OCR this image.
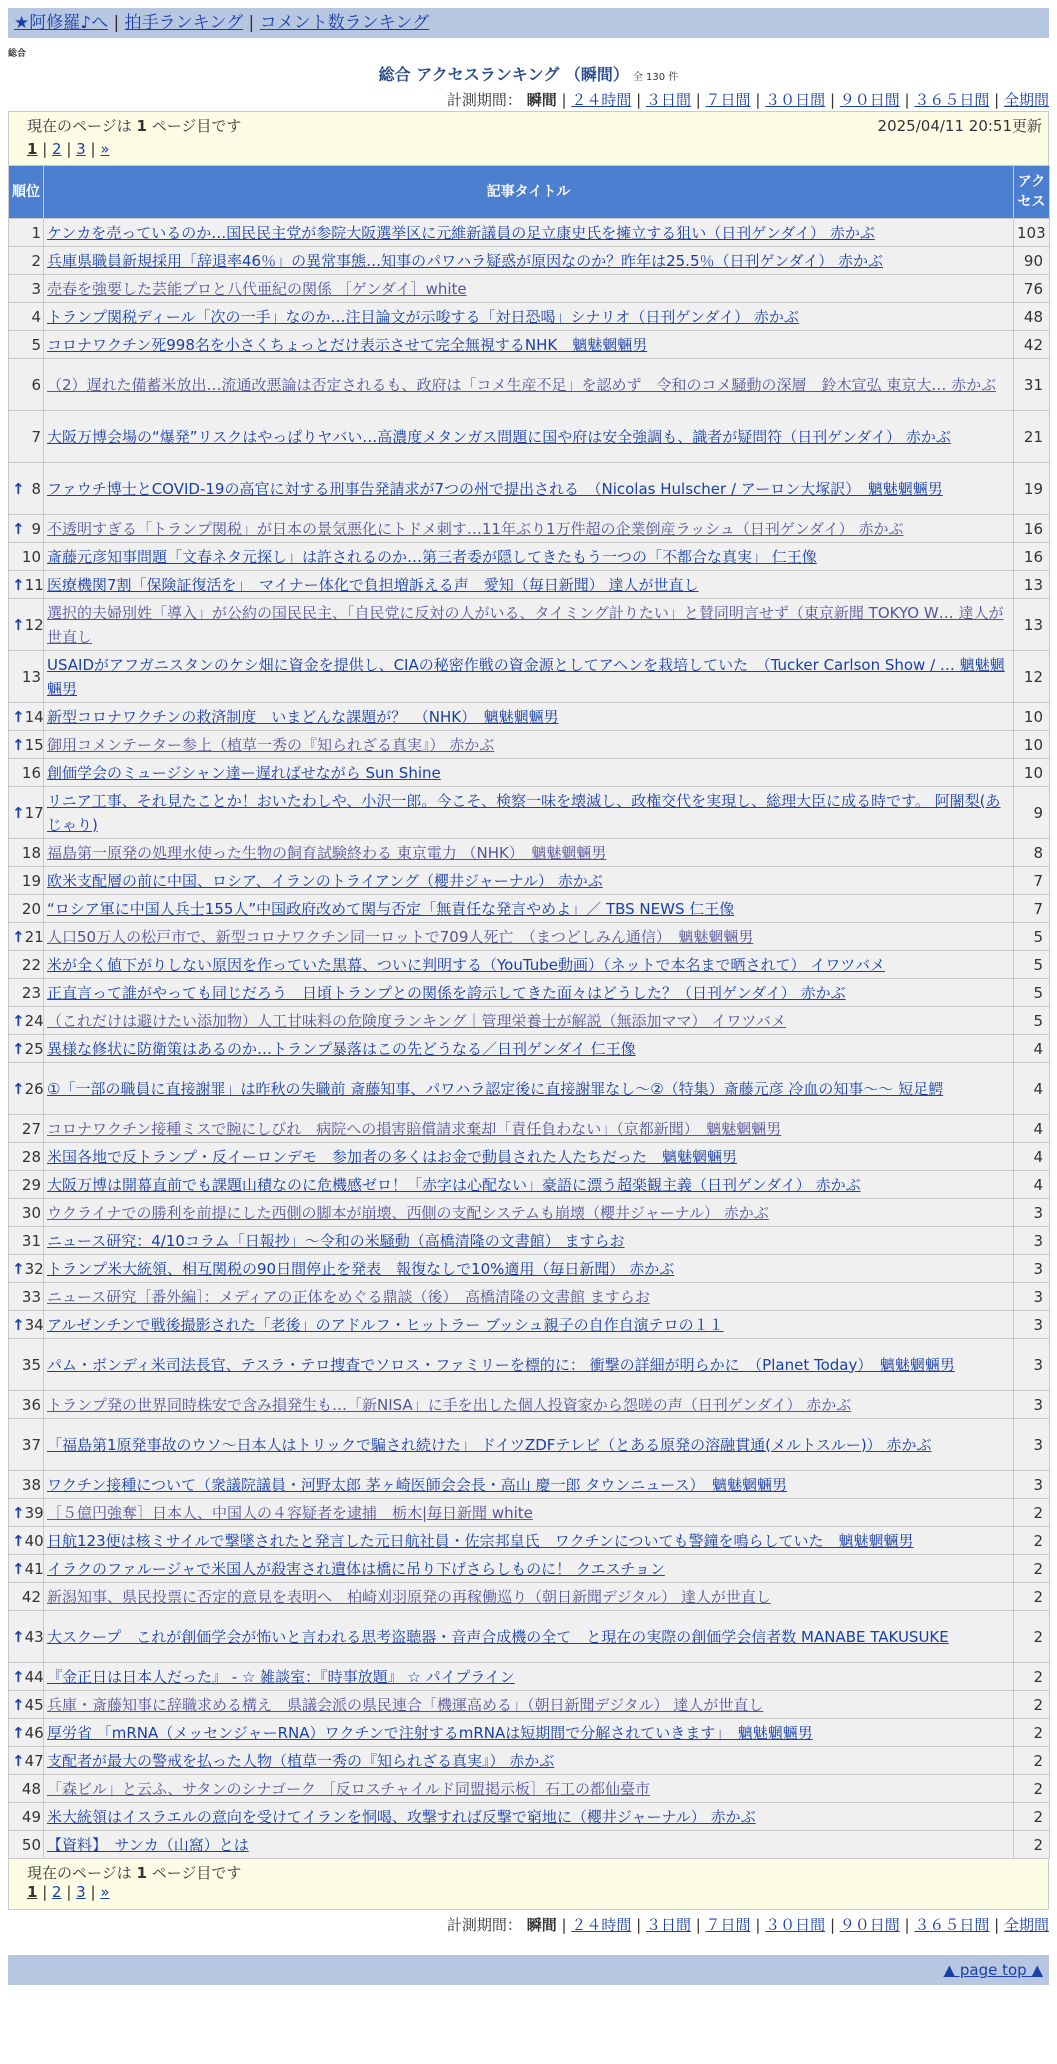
★阿修羅♪へ | 拍手ランキング | コメント数ランキング
総合
総合 アクセスランキング （瞬間） 全 130 件
計測期間： 瞬間 | ２４時間 | ３日間 | ７日間 | ３０日間 | ９０日間 | ３６５日間 | 全期間
現在のページは 1 ページ目です	2025/04/11 20:51更新
1 | 2 | 3 | »
順位	記事タイトル	アクセス
1	ケンカを売っているのか…国民民主党が参院大阪選挙区に元維新議員の足立康史氏を擁立する狙い（日刊ゲンダイ） 赤かぶ	103
2	兵庫県職員新規採用「辞退率46％」の異常事態…知事のパワハラ疑惑が原因なのか？昨年は25.5％（日刊ゲンダイ） 赤かぶ	90
3	売春を強要した芸能プロと八代亜紀の関係 ［ゲンダイ］white	76
4	トランプ関税ディール「次の一手」なのか…注目論文が示唆する「対日恐喝」シナリオ（日刊ゲンダイ） 赤かぶ	48
5	コロナワクチン死998名を小さくちょっとだけ表示させて完全無視するNHK　魑魅魍魎男	42
6	（2）遅れた備蓄米放出…流通改悪論は否定されるも、政府は「コメ生産不足」を認めず　令和のコメ騒動の深層　鈴木宣弘 東京大… 赤かぶ	31
7	大阪万博会場の“爆発”リスクはやっぱりヤバい…高濃度メタンガス問題に国や府は安全強調も、識者が疑問符（日刊ゲンダイ） 赤かぶ	21

↑ 8	ファウチ博士とCOVID-19の高官に対する刑事告発請求が7つの州で提出される　（Nicolas Hulscher / アーロン大塚訳）　魑魅魍魎男	19

↑ 9	不透明すぎる「トランプ関税」が日本の景気悪化にトドメ刺す…11年ぶり1万件超の企業倒産ラッシュ（日刊ゲンダイ） 赤かぶ	16
10	斎藤元彦知事問題「文春ネタ元探し」は許されるのか…第三者委が隠してきたもう一つの「不都合な真実」 仁王像	16

↑ 11	医療機関7割「保険証復活を」　マイナー体化で負担増訴える声　愛知（毎日新聞） 達人が世直し	13

↑ 12	選択的夫婦別姓「導入」が公約の国民民主、「自民党に反対の人がいる、タイミング計りたい」と賛同明言せず（東京新聞 TOKYO W… 達人が世直し	13
13	USAIDがアフガニスタンのケシ畑に資金を提供し、CIAの秘密作戦の資金源としてアヘンを栽培していた　（Tucker Carlson Show / … 魑魅魍魎男	12

↑ 14	新型コロナワクチンの救済制度　いまどんな課題が？　（NHK）　魑魅魍魎男	10

↑ 15	御用コメンテーター参上（植草一秀の『知られざる真実』） 赤かぶ	10
16	創価学会のミュージシャン達ー遅ればせながら Sun Shine	10

↑ 17	リニア工事、それ見たことか！おいたわしや、小沢一郎。今こそ、検察一味を壊滅し、政権交代を実現し、総理大臣に成る時です。 阿闍梨(あじゃり)	9
18	福島第一原発の処理水使った生物の飼育試験終わる 東京電力 （NHK）　魑魅魍魎男	8
19	欧米支配層の前に中国、ロシア、イランのトライアング（櫻井ジャーナル） 赤かぶ	7
20	“ロシア軍に中国人兵士155人”中国政府改めて関与否定「無責任な発言やめよ」／ TBS NEWS 仁王像	7

↑ 21	人口50万人の松戸市で、新型コロナワクチン同一ロットで709人死亡　（まつどしみん通信）　魑魅魍魎男	5
22	米が全く値下がりしない原因を作っていた黒幕、ついに判明する（YouTube動画）（ネットで本名まで晒されて） イワツバメ	5
23	正直言って誰がやっても同じだろう　日頃トランプとの関係を誇示してきた面々はどうした？（日刊ゲンダイ） 赤かぶ	5

↑ 24	（これだけは避けたい添加物）人工甘味料の危険度ランキング｜管理栄養士が解説（無添加ママ） イワツバメ	5

↑ 25	異様な修状に防衛策はあるのか…トランプ暴落はこの先どうなる／日刊ゲンダイ 仁王像	4

↑ 26	①「一部の職員に直接謝罪」は昨秋の失職前 斎藤知事、パワハラ認定後に直接謝罪なし～②（特集）斎藤元彦 冷血の知事～～ 短足鰐	4
27	コロナワクチン接種ミスで腕にしびれ　病院への損害賠償請求棄却「責任負わない」（京都新聞）　魑魅魍魎男	4
28	米国各地で反トランプ・反イーロンデモ　参加者の多くはお金で動員された人たちだった　魑魅魍魎男	4
29	大阪万博は開幕直前でも課題山積なのに危機感ゼロ！「赤字は心配ない」豪語に漂う超楽観主義（日刊ゲンダイ） 赤かぶ	4
30	ウクライナでの勝利を前提にした西側の脚本が崩壊、西側の支配システムも崩壊（櫻井ジャーナル） 赤かぶ	3
31	ニュース研究：4/10コラム「日報抄」～令和の米騒動（高橋清隆の文書館） ますらお	3

↑ 32	トランプ米大統領、相互関税の90日間停止を発表　報復なしで10%適用（毎日新聞） 赤かぶ	3
33	ニュース研究［番外編］：メディアの正体をめぐる鼎談（後）　高橋清隆の文書館 ますらお	3

↑ 34	アルゼンチンで戦後撮影された「老後」のアドルフ・ヒットラー ブッシュ親子の自作自演テロの１１	3
35	パム・ボンディ米司法長官、テスラ・テロ捜査でソロス・ファミリーを標的に： 衝撃の詳細が明らかに　（Planet Today）　魑魅魍魎男	3
36	トランプ発の世界同時株安で含み損発生も…「新NISA」に手を出した個人投資家から怨嗟の声（日刊ゲンダイ） 赤かぶ	3
37	「福島第1原発事故のウソ～日本人はトリックで騙され続けた」 ドイツZDFテレビ（とある原発の溶融貫通(メルトスルー)） 赤かぶ	3
38	ワクチン接種について（衆議院議員・河野太郎 茅ヶ崎医師会会長・高山 慶一郎 タウンニュース）　魑魅魍魎男	3

↑ 39	［５億円強奪］日本人、中国人の４容疑者を逮捕　栃木|毎日新聞 white	2

↑ 40	日航123便は核ミサイルで撃墜されたと発言した元日航社員・佐宗邦皇氏　ワクチンについても警鐘を鳴らしていた　魑魅魍魎男	2

↑ 41	イラクのファルージャで米国人が殺害され遺体は橋に吊り下げさらしものに！ クエスチョン	2
42	新潟知事、県民投票に否定的意見を表明へ　柏崎刈羽原発の再稼働巡り（朝日新聞デジタル） 達人が世直し	2

↑ 43	大スクープ　これが創価学会が怖いと言われる思考盗聴器・音声合成機の全て　と現在の実際の創価学会信者数 MANABE TAKUSUKE	2

↑ 44	『金正日は日本人だった』 - ☆ 雑談室：『時事放題』 ☆ パイプライン	2

↑ 45	兵庫・斎藤知事に辞職求める構え　県議会派の県民連合「機運高める」（朝日新聞デジタル） 達人が世直し	2

↑ 46	厚労省 「mRNA（メッセンジャーRNA）ワクチンで注射するmRNAは短期間で分解されていきます」　魑魅魍魎男	2

↑ 47	支配者が最大の警戒を払った人物（植草一秀の『知られざる真実』） 赤かぶ	2
48	「森ビル」と云ふ、サタンのシナゴーク ［反ロスチャイルド同盟掲示板］石工の都仙臺市	2
49	米大統領はイスラエルの意向を受けてイランを恫喝、攻撃すれば反撃で窮地に（櫻井ジャーナル） 赤かぶ	2
50	【資料】　サンカ（山窩）とは	2
現在のページは 1 ページ目です
1 | 2 | 3 | »
計測期間： 瞬間 | ２４時間 | ３日間 | ７日間 | ３０日間 | ９０日間 | ３６５日間 | 全期間
▲ page top ▲
